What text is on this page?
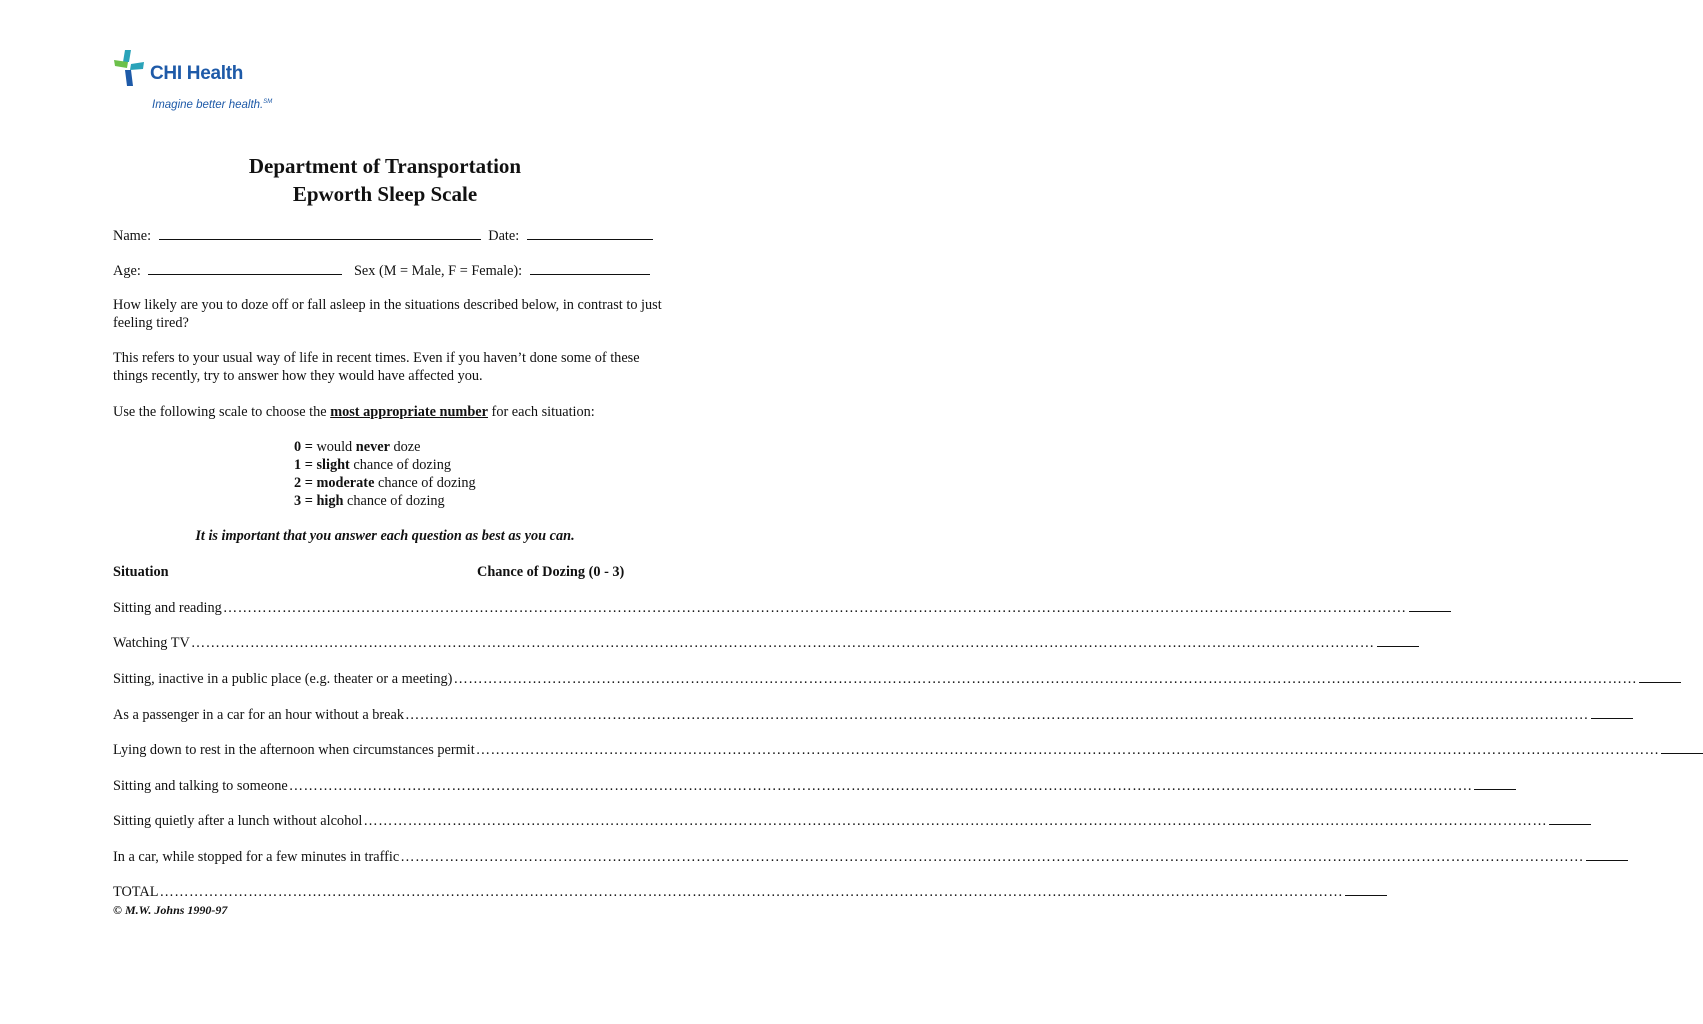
CHI Health
Imagine better health.℠
Department of Transportation
Epworth Sleep Scale
Name:	Date:
Age:	Sex (M = Male, F = Female):
How likely are you to doze off or fall asleep in the situations described below, in contrast to just feeling tired?
This refers to your usual way of life in recent times. Even if you haven’t done some of these things recently, try to answer how they would have affected you.
Use the following scale to choose the most appropriate number for each situation:
0 = would never doze
1 = slight chance of dozing
2 = moderate chance of dozing
3 = high chance of dozing
It is important that you answer each question as best as you can.
Situation	Chance of Dozing (0 - 3)
Sitting and reading ……………………………………………………………………………………………………………………………………………………………………………………………………………………
Watching TV ……………………………………………………………………………………………………………………………………………………………………………………………………………………
Sitting, inactive in a public place (e.g. theater or a meeting) ……………………………………………………………………………………………………………………………………………………………………………………………………………………
As a passenger in a car for an hour without a break ……………………………………………………………………………………………………………………………………………………………………………………………………………………
Lying down to rest in the afternoon when circumstances permit ……………………………………………………………………………………………………………………………………………………………………………………………………………………
Sitting and talking to someone ……………………………………………………………………………………………………………………………………………………………………………………………………………………
Sitting quietly after a lunch without alcohol ……………………………………………………………………………………………………………………………………………………………………………………………………………………
In a car, while stopped for a few minutes in traffic ……………………………………………………………………………………………………………………………………………………………………………………………………………………
TOTAL ……………………………………………………………………………………………………………………………………………………………………………………………………………………
© M.W. Johns 1990-97
